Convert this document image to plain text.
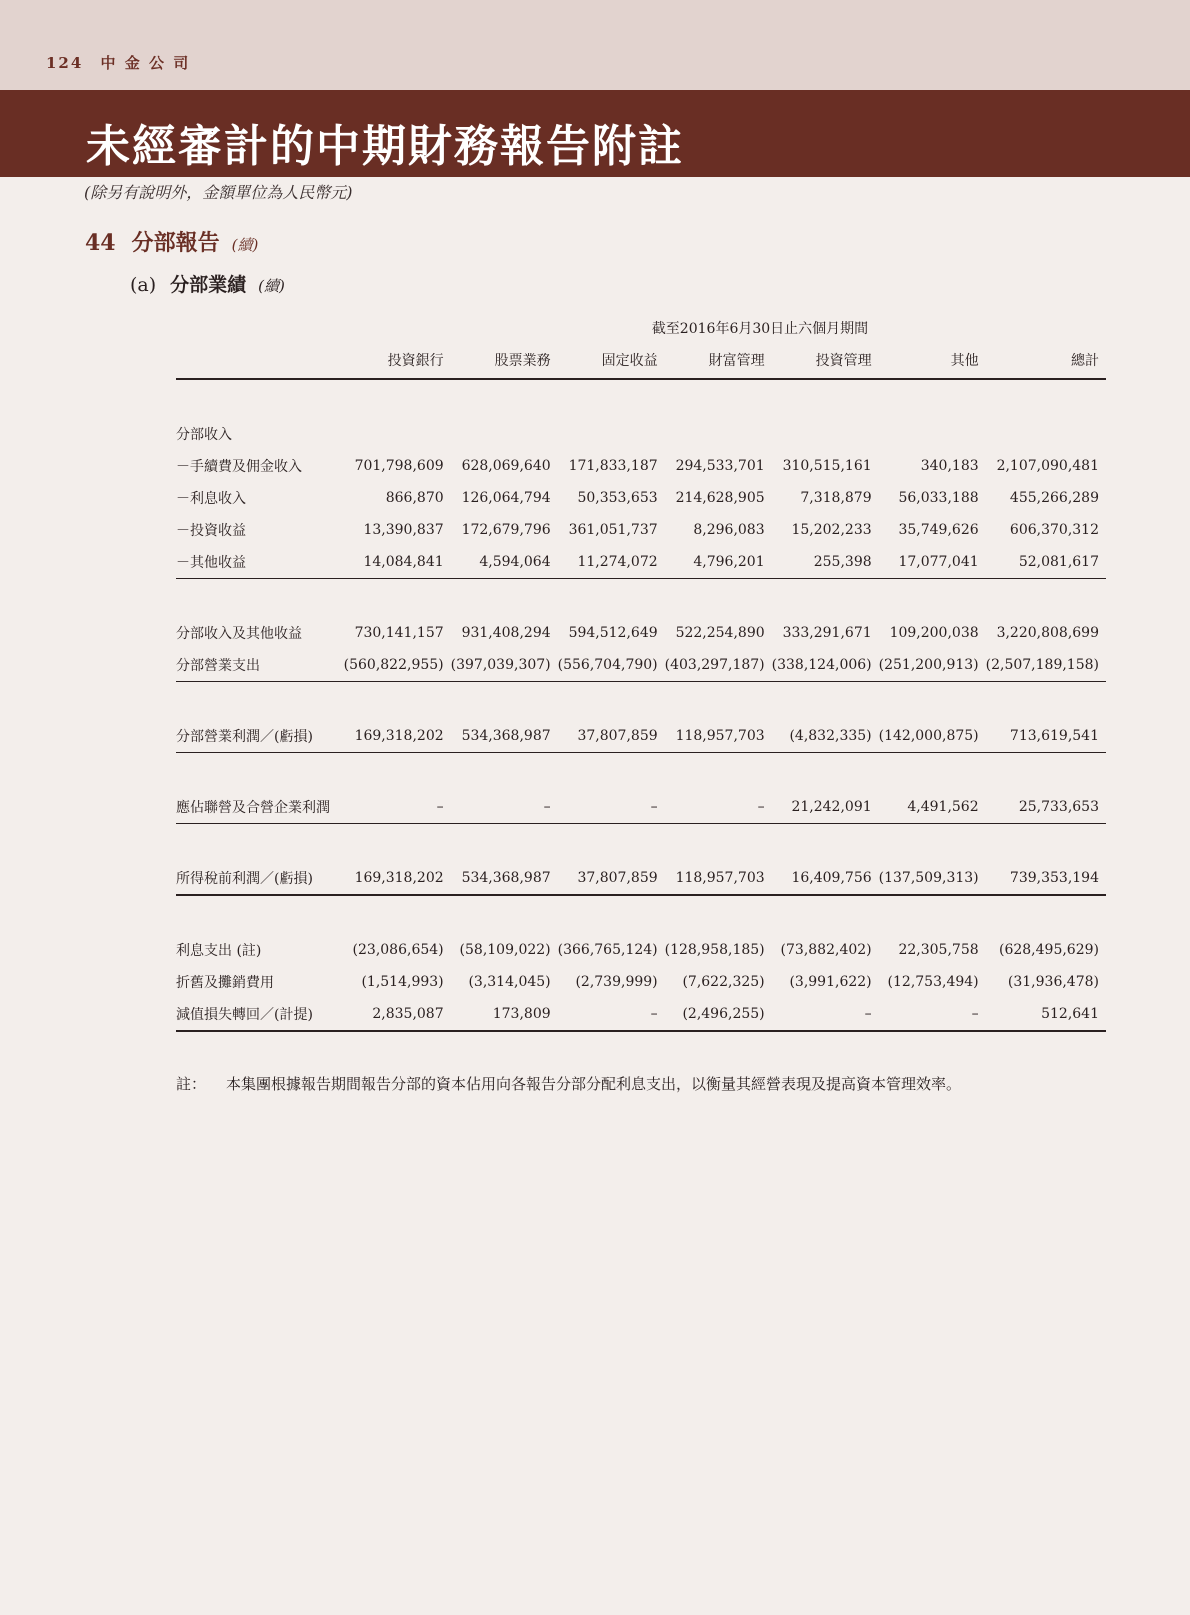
124 中 金 公 司
未經審計的中期財務報告附註
(除另有說明外，金額單位為人民幣元)
44 分部報告 (續)
(a) 分部業績 (續)
截至2016年6月30日止六個月期間
	投資銀行	股票業務	固定收益	財富管理	投資管理	其他	總計

分部收入							
－手續費及佣金收入	701,798,609	628,069,640	171,833,187	294,533,701	310,515,161	340,183	2,107,090,481
－利息收入	866,870	126,064,794	50,353,653	214,628,905	7,318,879	56,033,188	455,266,289
－投資收益	13,390,837	172,679,796	361,051,737	8,296,083	15,202,233	35,749,626	606,370,312
－其他收益	14,084,841	4,594,064	11,274,072	4,796,201	255,398	17,077,041	52,081,617

分部收入及其他收益	730,141,157	931,408,294	594,512,649	522,254,890	333,291,671	109,200,038	3,220,808,699
分部營業支出	(560,822,955)	(397,039,307)	(556,704,790)	(403,297,187)	(338,124,006)	(251,200,913)	(2,507,189,158)

分部營業利潤／(虧損)	169,318,202	534,368,987	37,807,859	118,957,703	(4,832,335)	(142,000,875)	713,619,541

應佔聯營及合營企業利潤	–	–	–	–	21,242,091	4,491,562	25,733,653

所得稅前利潤／(虧損)	169,318,202	534,368,987	37,807,859	118,957,703	16,409,756	(137,509,313)	739,353,194

利息支出 (註)	(23,086,654)	(58,109,022)	(366,765,124)	(128,958,185)	(73,882,402)	22,305,758	(628,495,629)
折舊及攤銷費用	(1,514,993)	(3,314,045)	(2,739,999)	(7,622,325)	(3,991,622)	(12,753,494)	(31,936,478)
減值損失轉回／(計提)	2,835,087	173,809	–	(2,496,255)	–	–	512,641
註： 本集團根據報告期間報告分部的資本佔用向各報告分部分配利息支出，以衡量其經營表現及提高資本管理效率。
